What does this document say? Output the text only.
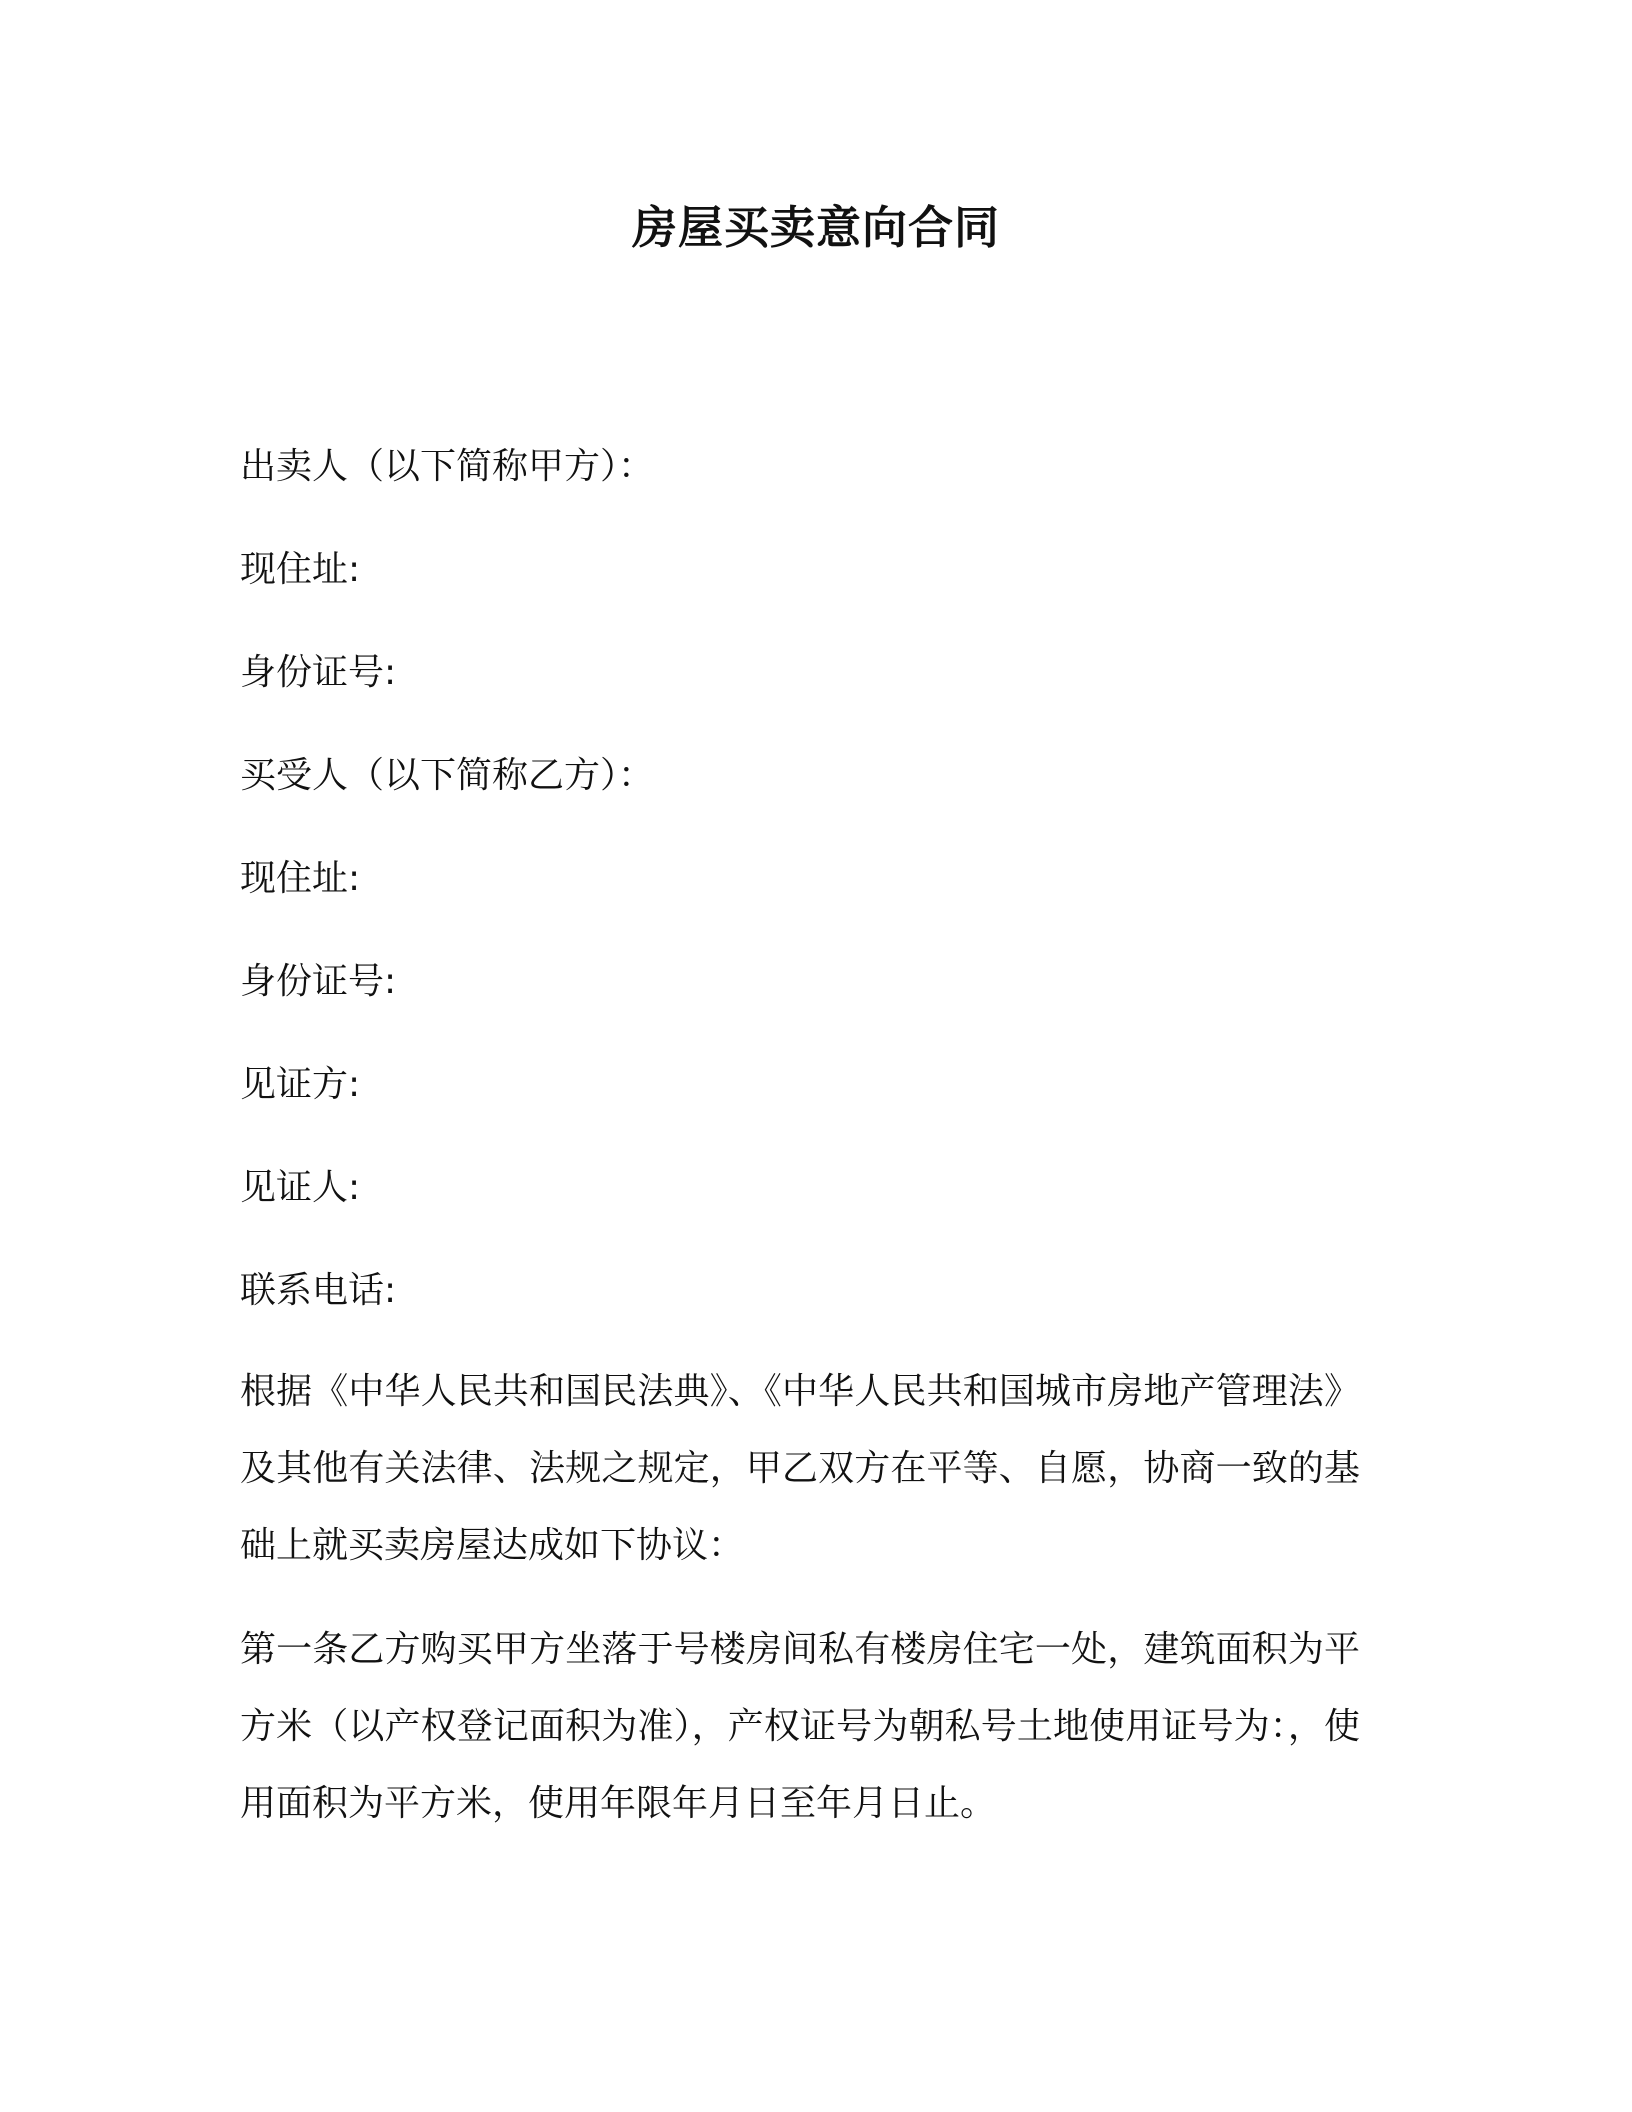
房屋买卖意向合同
出卖人（以下简称甲方）：
现住址:
身份证号:
买受人（以下简称乙方）：
现住址:
身份证号:
见证方:
见证人:
联系电话:
根据《中华人民共和国民法典》、《中华人民共和国城市房地产管理法》及其他有关法律、法规之规定，甲乙双方在平等、自愿，协商一致的基础上就买卖房屋达成如下协议：
第一条乙方购买甲方坐落于号楼房间私有楼房住宅一处，建筑面积为平方米（以产权登记面积为准），产权证号为朝私号土地使用证号为：，使用面积为平方米，使用年限年月日至年月日止。
